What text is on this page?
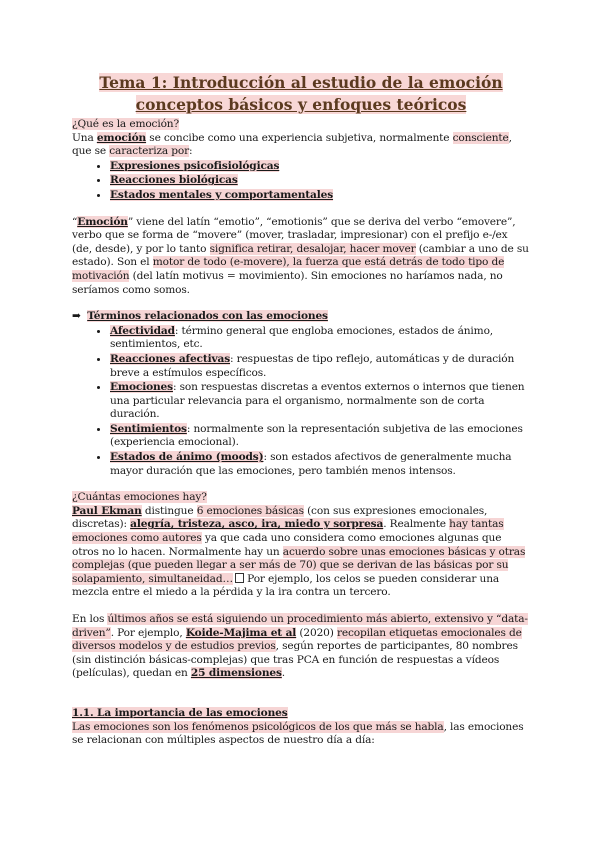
Tema 1: Introducción al estudio de la emoción
conceptos básicos y enfoques teóricos

¿Qué es la emoción?

Una emoción se concibe como una experiencia subjetiva, normalmente consciente, que se caracteriza por:

• Expresiones psicofisiológicas
• Reacciones biológicas
• Estados mentales y comportamentales

“Emoción” viene del latín “emotio”, “emotionis” que se deriva del verbo “emovere”, verbo que se forma de “movere” (mover, trasladar, impresionar) con el prefijo e-/ex (de, desde), y por lo tanto significa retirar, desalojar, hacer mover (cambiar a uno de su estado). Son el motor de todo (e-movere), la fuerza que está detrás de todo tipo de motivación (del latín motivus = movimiento). Sin emociones no haríamos nada, no seríamos como somos.

➡ Términos relacionados con las emociones

• Afectividad: término general que engloba emociones, estados de ánimo, sentimientos, etc.
• Reacciones afectivas: respuestas de tipo reflejo, automáticas y de duración breve a estímulos específicos.
• Emociones: son respuestas discretas a eventos externos o internos que tienen una particular relevancia para el organismo, normalmente son de corta duración.
• Sentimientos: normalmente son la representación subjetiva de las emociones (experiencia emocional).
• Estados de ánimo (moods): son estados afectivos de generalmente mucha mayor duración que las emociones, pero también menos intensos.

¿Cuántas emociones hay?

Paul Ekman distingue 6 emociones básicas (con sus expresiones emocionales, discretas): alegría, tristeza, asco, ira, miedo y sorpresa. Realmente hay tantas emociones como autores ya que cada uno considera como emociones algunas que otros no lo hacen. Normalmente hay un acuerdo sobre unas emociones básicas y otras complejas (que pueden llegar a ser más de 70) que se derivan de las básicas por su solapamiento, simultaneidad… Por ejemplo, los celos se pueden considerar una mezcla entre el miedo a la pérdida y la ira contra un tercero.

En los últimos años se está siguiendo un procedimiento más abierto, extensivo y “data-driven”. Por ejemplo, Koide-Majima et al (2020) recopilan etiquetas emocionales de diversos modelos y de estudios previos, según reportes de participantes, 80 nombres (sin distinción básicas-complejas) que tras PCA en función de respuestas a vídeos (películas), quedan en 25 dimensiones.

1.1. La importancia de las emociones

Las emociones son los fenómenos psicológicos de los que más se habla, las emociones se relacionan con múltiples aspectos de nuestro día a día:
